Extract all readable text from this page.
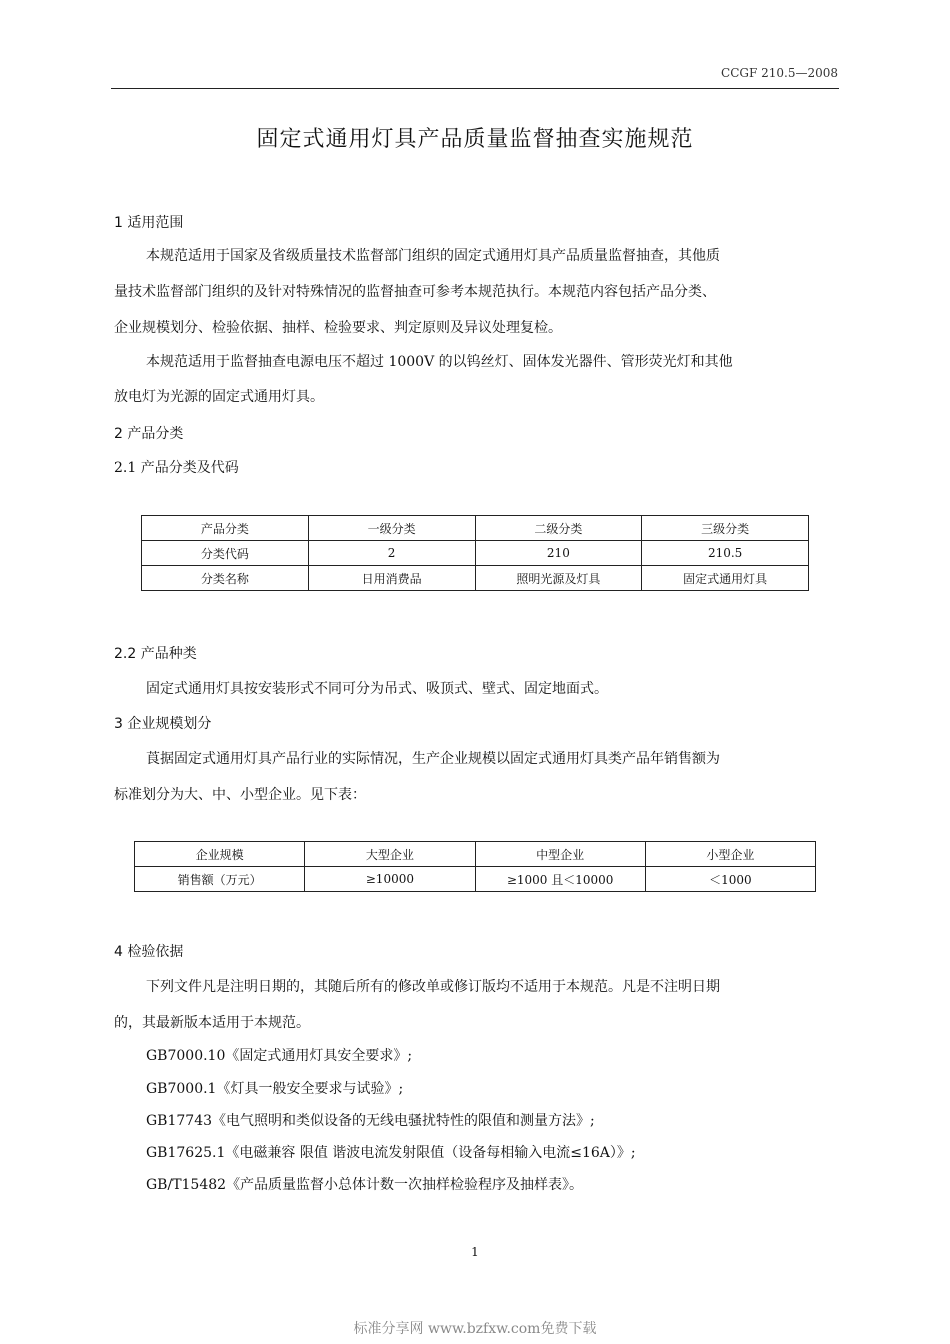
CCGF 210.5—2008
固定式通用灯具产品质量监督抽查实施规范
1 适用范围
本规范适用于国家及省级质量技术监督部门组织的固定式通用灯具产品质量监督抽查，其他质
量技术监督部门组织的及针对特殊情况的监督抽查可参考本规范执行。本规范内容包括产品分类、
企业规模划分、检验依据、抽样、检验要求、判定原则及异议处理复检。
本规范适用于监督抽查电源电压不超过 1000V 的以钨丝灯、固体发光器件、管形荧光灯和其他
放电灯为光源的固定式通用灯具。
2 产品分类
2.1 产品分类及代码
产品分类	一级分类	二级分类	三级分类
分类代码	2	210	210.5
分类名称	日用消费品	照明光源及灯具	固定式通用灯具
2.2 产品种类
固定式通用灯具按安装形式不同可分为吊式、吸顶式、壁式、固定地面式。
3 企业规模划分
莨据固定式通用灯具产品行业的实际情况，生产企业规模以固定式通用灯具类产品年销售额为
标准划分为大、中、小型企业。见下表：
企业规模	大型企业	中型企业	小型企业
销售额（万元）	≥10000	≥1000 且＜10000	＜1000
4 检验依据
下列文件凡是注明日期的，其随后所有的修改单或修订版均不适用于本规范。凡是不注明日期
的，其最新版本适用于本规范。
GB7000.10《固定式通用灯具安全要求》;
GB7000.1《灯具一般安全要求与试验》;
GB17743《电气照明和类似设备的无线电骚扰特性的限值和测量方法》;
GB17625.1《电磁兼容 限值 谐波电流发射限值（设备每相输入电流≤16A）》;
GB/T15482《产品质量监督小总体计数一次抽样检验程序及抽样表》。
1
标准分享网 www.bzfxw.com免费下载
